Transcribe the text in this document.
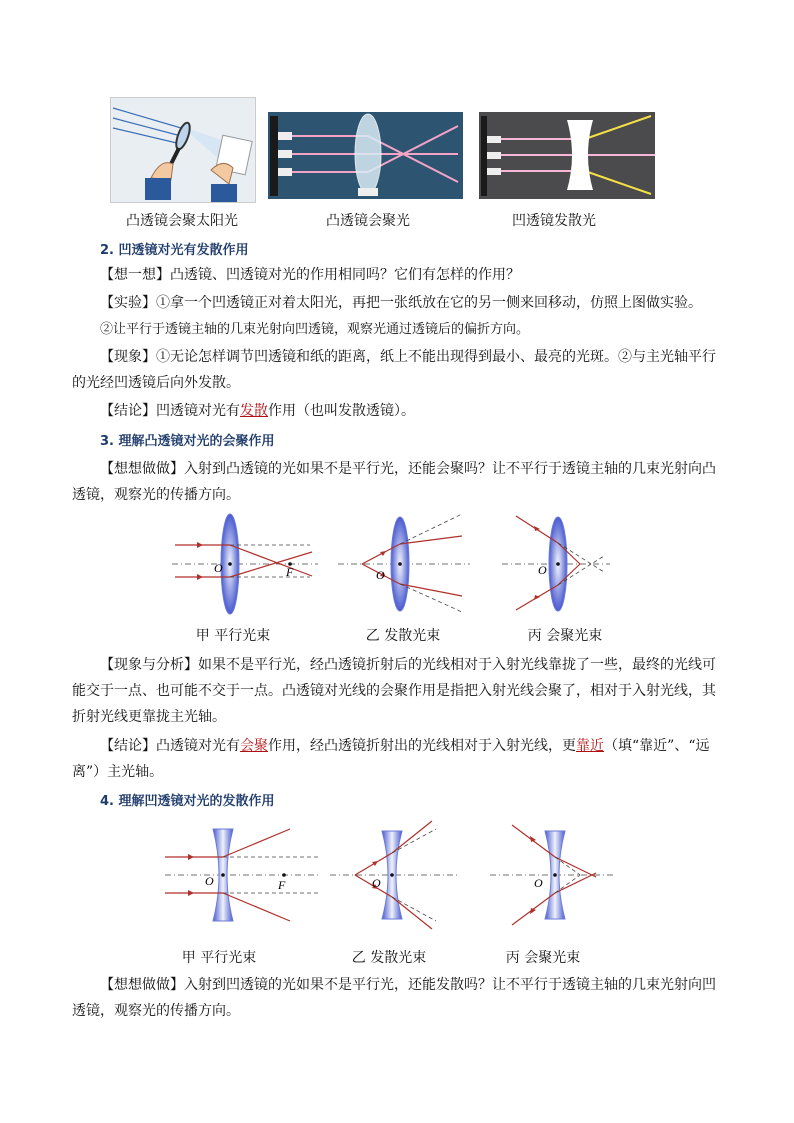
凸透镜会聚太阳光	凸透镜会聚光	凹透镜发散光
2. 凹透镜对光有发散作用
【想一想】凸透镜、凹透镜对光的作用相同吗？它们有怎样的作用？
【实验】①拿一个凹透镜正对着太阳光，再把一张纸放在它的另一侧来回移动，仿照上图做实验。
②让平行于透镜主轴的几束光射向凹透镜，观察光通过透镜后的偏折方向。
【现象】①无论怎样调节凹透镜和纸的距离，纸上不能出现得到最小、最亮的光斑。②与主光轴平行的光经凹透镜后向外发散。
【结论】凹透镜对光有发散作用（也叫发散透镜）。
3. 理解凸透镜对光的会聚作用
【想想做做】入射到凸透镜的光如果不是平行光，还能会聚吗？让不平行于透镜主轴的几束光射向凸透镜，观察光的传播方向。
O	F	O	O
甲 平行光束	乙 发散光束	丙 会聚光束
【现象与分析】如果不是平行光，经凸透镜折射后的光线相对于入射光线靠拢了一些，最终的光线可能交于一点、也可能不交于一点。凸透镜对光线的会聚作用是指把入射光线会聚了，相对于入射光线，其折射光线更靠拢主光轴。
【结论】凸透镜对光有会聚作用，经凸透镜折射出的光线相对于入射光线，更靠近（填“靠近”、“远离”）主光轴。
4. 理解凹透镜对光的发散作用
O	F	O	O
甲 平行光束	乙 发散光束	丙 会聚光束
【想想做做】入射到凹透镜的光如果不是平行光，还能发散吗？让不平行于透镜主轴的几束光射向凹透镜，观察光的传播方向。
